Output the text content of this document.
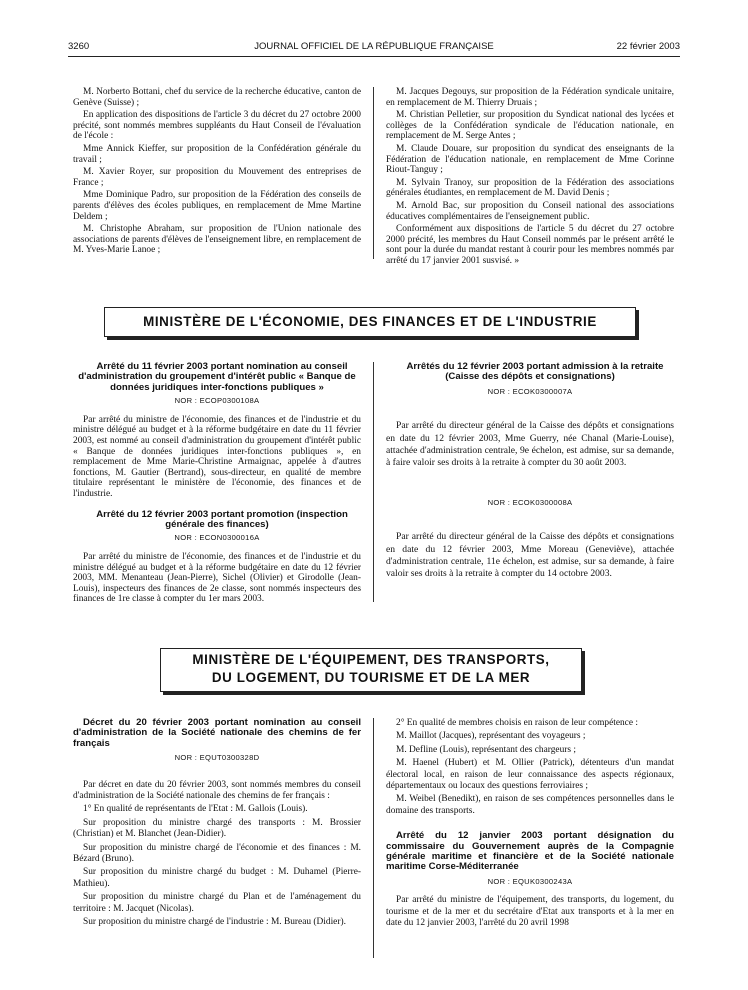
3260	JOURNAL OFFICIEL DE LA RÉPUBLIQUE FRANÇAISE	22 février 2003

M. Norberto Bottani, chef du service de la recherche éducative, canton de Genève (Suisse) ;

En application des dispositions de l'article 3 du décret du 27 octobre 2000 précité, sont nommés membres suppléants du Haut Conseil de l'évaluation de l'école :

Mme Annick Kieffer, sur proposition de la Confédération générale du travail ;

M. Xavier Royer, sur proposition du Mouvement des entreprises de France ;

Mme Dominique Padro, sur proposition de la Fédération des conseils de parents d'élèves des écoles publiques, en remplacement de Mme Martine Deldem ;

M. Christophe Abraham, sur proposition de l'Union nationale des associations de parents d'élèves de l'enseignement libre, en remplacement de M. Yves-Marie Lanoe ;

M. Jacques Degouys, sur proposition de la Fédération syndicale unitaire, en remplacement de M. Thierry Druais ;

M. Christian Pelletier, sur proposition du Syndicat national des lycées et collèges de la Confédération syndicale de l'éducation nationale, en remplacement de M. Serge Antes ;

M. Claude Douare, sur proposition du syndicat des enseignants de la Fédération de l'éducation nationale, en remplacement de Mme Corinne Riout-Tanguy ;

M. Sylvain Tranoy, sur proposition de la Fédération des associations générales étudiantes, en remplacement de M. David Denis ;

M. Arnold Bac, sur proposition du Conseil national des associations éducatives complémentaires de l'enseignement public.

Conformément aux dispositions de l'article 5 du décret du 27 octobre 2000 précité, les membres du Haut Conseil nommés par le présent arrêté le sont pour la durée du mandat restant à courir pour les membres nommés par arrêté du 17 janvier 2001 susvisé. »

MINISTÈRE DE L'ÉCONOMIE, DES FINANCES ET DE L'INDUSTRIE

Arrêté du 11 février 2003 portant nomination au conseil d'administration du groupement d'intérêt public « Banque de données juridiques inter-fonctions publiques »

NOR : ECOP0300108A

Par arrêté du ministre de l'économie, des finances et de l'industrie et du ministre délégué au budget et à la réforme budgétaire en date du 11 février 2003, est nommé au conseil d'administration du groupement d'intérêt public « Banque de données juridiques inter-fonctions publiques », en remplacement de Mme Marie-Christine Armaignac, appelée à d'autres fonctions, M. Gautier (Bertrand), sous-directeur, en qualité de membre titulaire représentant le ministère de l'économie, des finances et de l'industrie.

Arrêté du 12 février 2003 portant promotion (inspection générale des finances)

NOR : ECON0300016A

Par arrêté du ministre de l'économie, des finances et de l'industrie et du ministre délégué au budget et à la réforme budgétaire en date du 12 février 2003, MM. Menanteau (Jean-Pierre), Sichel (Olivier) et Girodolle (Jean-Louis), inspecteurs des finances de 2e classe, sont nommés inspecteurs des finances de 1re classe à compter du 1er mars 2003.

Arrêtés du 12 février 2003 portant admission à la retraite (Caisse des dépôts et consignations)

NOR : ECOK0300007A

Par arrêté du directeur général de la Caisse des dépôts et consignations en date du 12 février 2003, Mme Guerry, née Chanal (Marie-Louise), attachée d'administration centrale, 9e échelon, est admise, sur sa demande, à faire valoir ses droits à la retraite à compter du 30 août 2003.

NOR : ECOK0300008A

Par arrêté du directeur général de la Caisse des dépôts et consignations en date du 12 février 2003, Mme Moreau (Geneviève), attachée d'administration centrale, 11e échelon, est admise, sur sa demande, à faire valoir ses droits à la retraite à compter du 14 octobre 2003.

MINISTÈRE DE L'ÉQUIPEMENT, DES TRANSPORTS,
DU LOGEMENT, DU TOURISME ET DE LA MER

Décret du 20 février 2003 portant nomination au conseil d'administration de la Société nationale des chemins de fer français

NOR : EQUT0300328D

Par décret en date du 20 février 2003, sont nommés membres du conseil d'administration de la Société nationale des chemins de fer français :

1° En qualité de représentants de l'Etat : M. Gallois (Louis).

Sur proposition du ministre chargé des transports : M. Brossier (Christian) et M. Blanchet (Jean-Didier).

Sur proposition du ministre chargé de l'économie et des finances : M. Bézard (Bruno).

Sur proposition du ministre chargé du budget : M. Duhamel (Pierre-Mathieu).

Sur proposition du ministre chargé du Plan et de l'aménagement du territoire : M. Jacquet (Nicolas).

Sur proposition du ministre chargé de l'industrie : M. Bureau (Didier).

2° En qualité de membres choisis en raison de leur compétence :

M. Maillot (Jacques), représentant des voyageurs ;

M. Defline (Louis), représentant des chargeurs ;

M. Haenel (Hubert) et M. Ollier (Patrick), détenteurs d'un mandat électoral local, en raison de leur connaissance des aspects régionaux, départementaux ou locaux des questions ferroviaires ;

M. Weibel (Benedikt), en raison de ses compétences personnelles dans le domaine des transports.

Arrêté du 12 janvier 2003 portant désignation du commissaire du Gouvernement auprès de la Compagnie générale maritime et financière et de la Société nationale maritime Corse-Méditerranée

NOR : EQUK0300243A

Par arrêté du ministre de l'équipement, des transports, du logement, du tourisme et de la mer et du secrétaire d'Etat aux transports et à la mer en date du 12 janvier 2003, l'arrêté du 20 avril 1998
